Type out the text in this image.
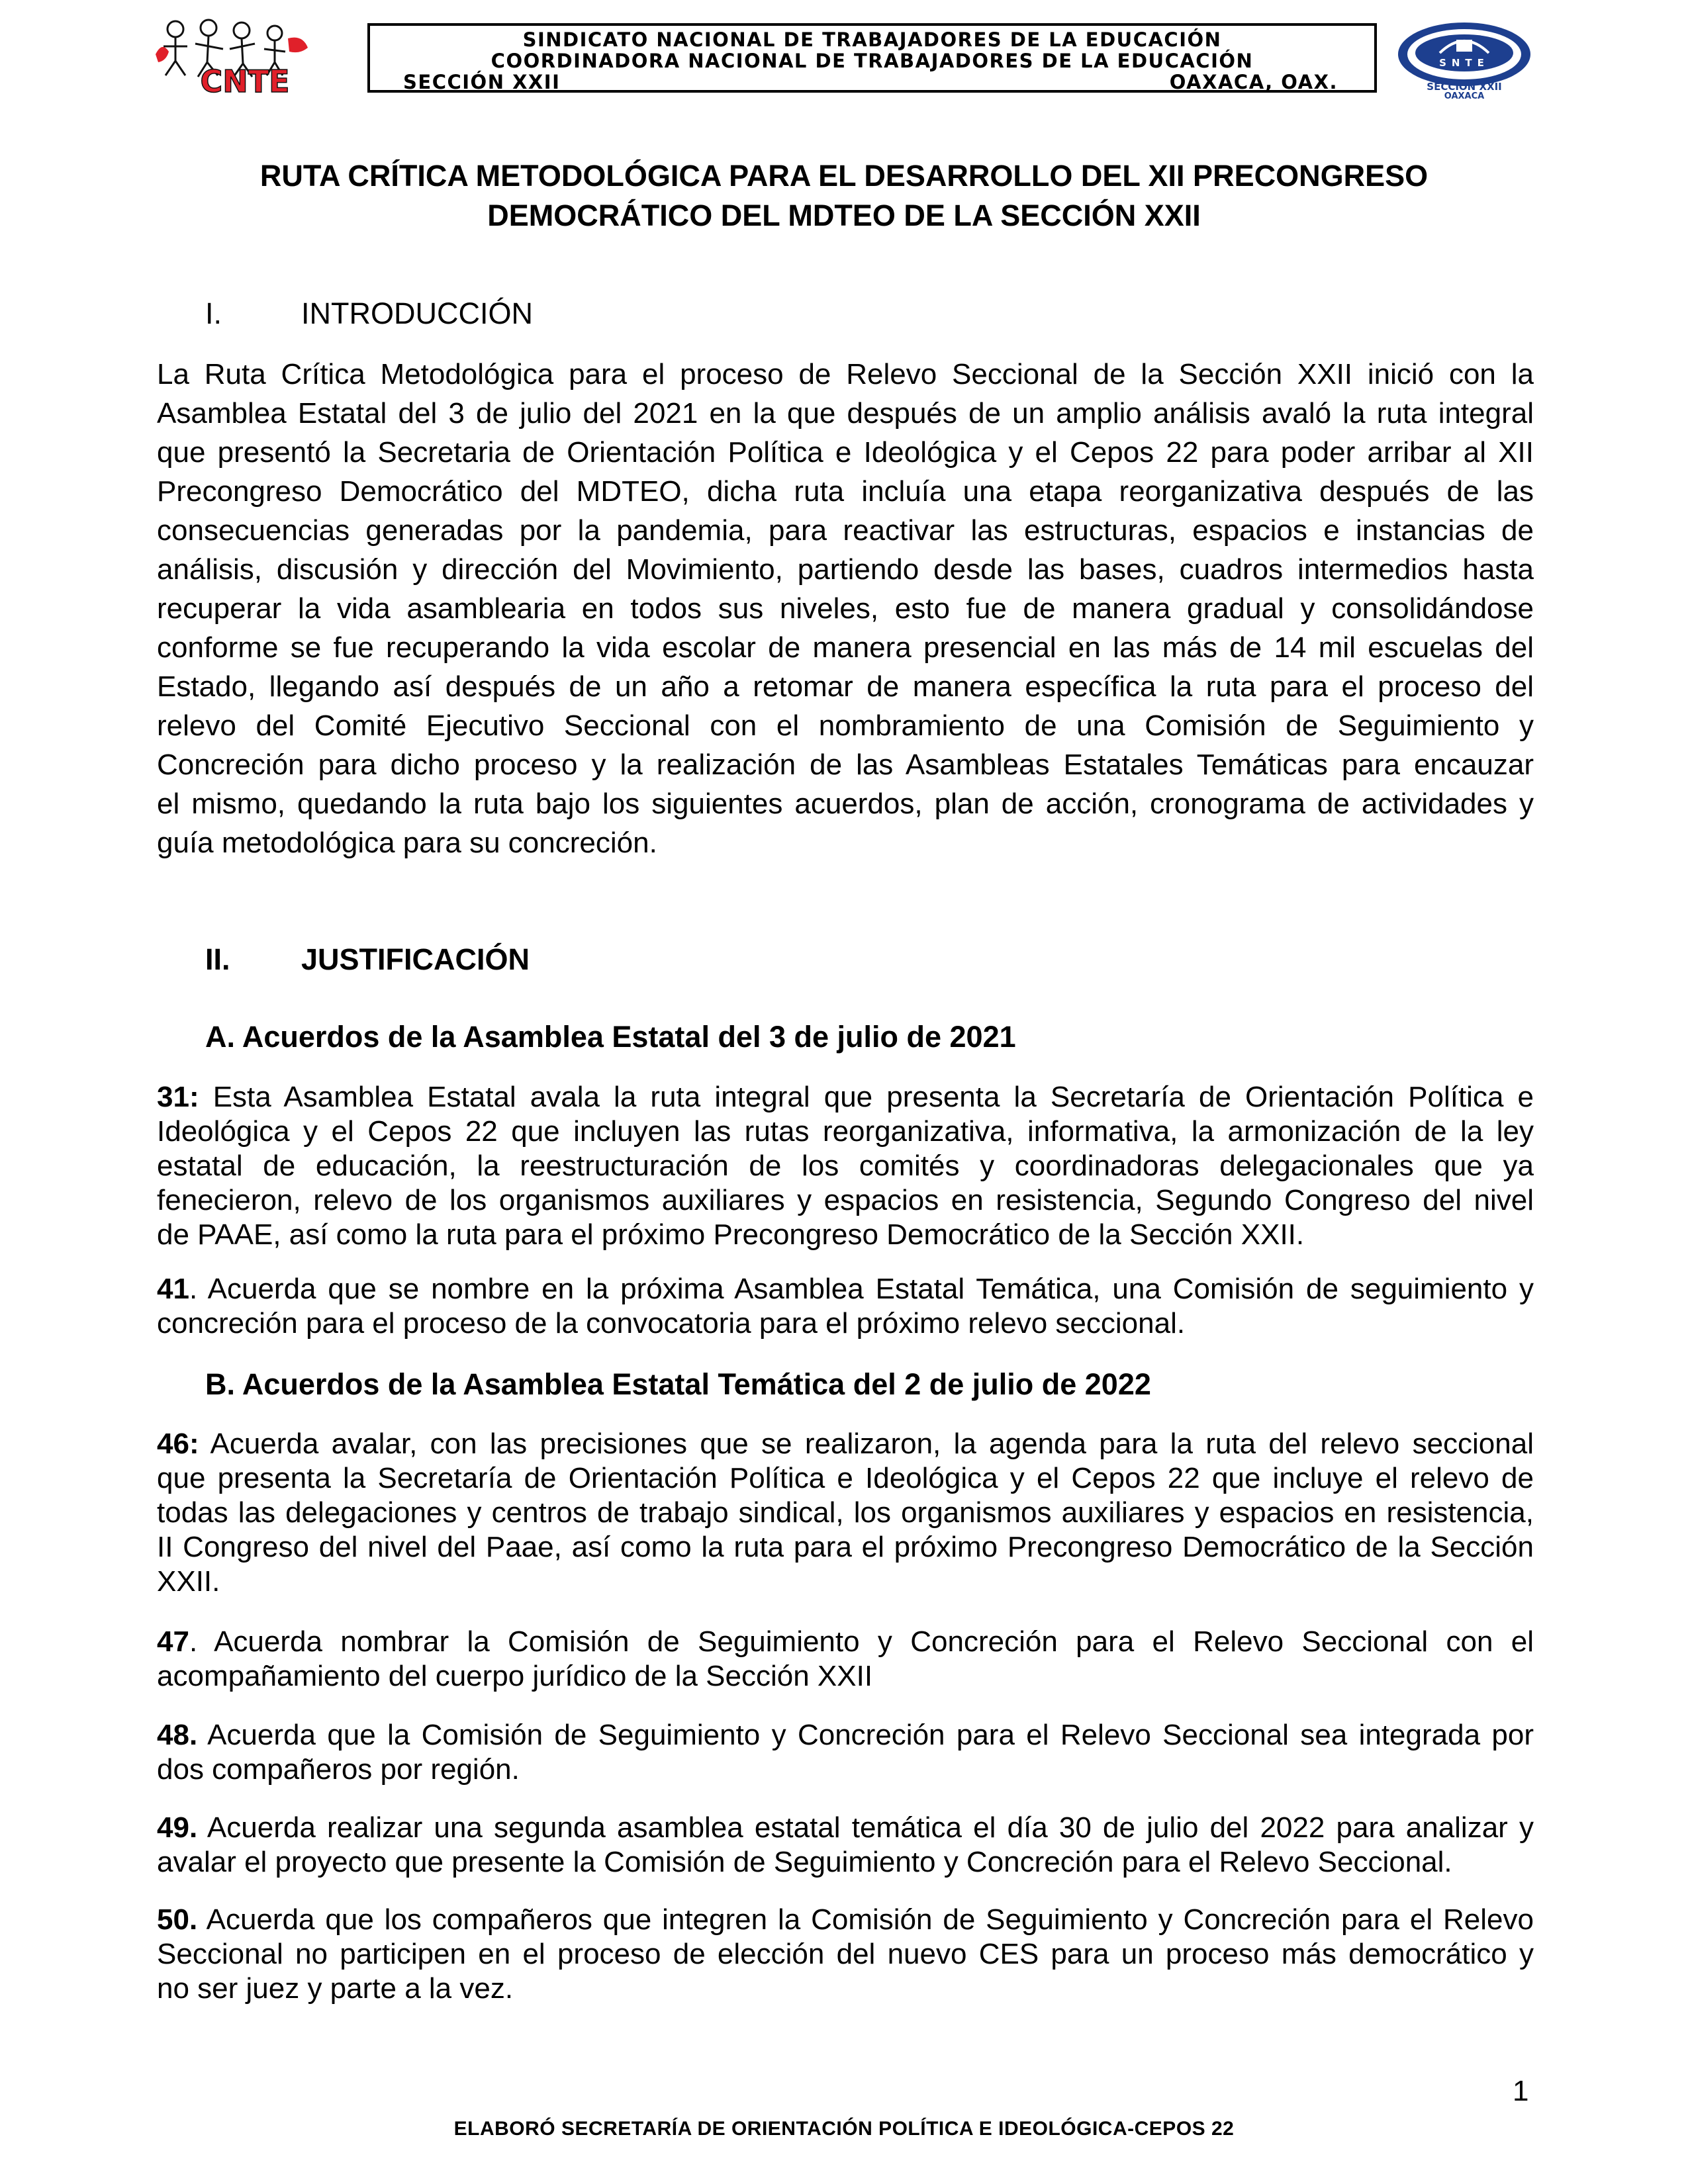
CNTE
SINDICATO NACIONAL DE TRABAJADORES DE LA EDUCACIÓN
COORDINADORA NACIONAL DE TRABAJADORES DE LA EDUCACIÓN
SECCIÓN XXII	OAXACA, OAX.
SNTE
SECCION XXII
OAXACA
RUTA CRÍTICA METODOLÓGICA PARA EL DESARROLLO DEL XII PRECONGRESO
DEMOCRÁTICO DEL MDTEO DE LA SECCIÓN XXII
I.	INTRODUCCIÓN
La Ruta Crítica Metodológica para el proceso de Relevo Seccional de la Sección XXII inició con la
Asamblea Estatal del 3 de julio del 2021 en la que después de un amplio análisis avaló la ruta integral
que presentó la Secretaria de Orientación Política e Ideológica y el Cepos 22 para poder arribar al XII
Precongreso Democrático del MDTEO, dicha ruta incluía una etapa reorganizativa después de las
consecuencias generadas por la pandemia, para reactivar las estructuras, espacios e instancias de
análisis, discusión y dirección del Movimiento, partiendo desde las bases, cuadros intermedios hasta
recuperar la vida asamblearia en todos sus niveles, esto fue de manera gradual y consolidándose
conforme se fue recuperando la vida escolar de manera presencial en las más de 14 mil escuelas del
Estado, llegando así después de un año a retomar de manera específica la ruta para el proceso del
relevo del Comité Ejecutivo Seccional con el nombramiento de una Comisión de Seguimiento y
Concreción para dicho proceso y la realización de las Asambleas Estatales Temáticas para encauzar
el mismo, quedando la ruta bajo los siguientes acuerdos, plan de acción, cronograma de actividades y
guía metodológica para su concreción.
II. JUSTIFICACIÓN
A. Acuerdos de la Asamblea Estatal del 3 de julio de 2021
31: Esta Asamblea Estatal avala la ruta integral que presenta la Secretaría de Orientación Política e
Ideológica y el Cepos 22 que incluyen las rutas reorganizativa, informativa, la armonización de la ley
estatal de educación, la reestructuración de los comités y coordinadoras delegacionales que ya
fenecieron, relevo de los organismos auxiliares y espacios en resistencia, Segundo Congreso del nivel
de PAAE, así como la ruta para el próximo Precongreso Democrático de la Sección XXII.
41. Acuerda que se nombre en la próxima Asamblea Estatal Temática, una Comisión de seguimiento y
concreción para el proceso de la convocatoria para el próximo relevo seccional.
B. Acuerdos de la Asamblea Estatal Temática del 2 de julio de 2022
46: Acuerda avalar, con las precisiones que se realizaron, la agenda para la ruta del relevo seccional
que presenta la Secretaría de Orientación Política e Ideológica y el Cepos 22 que incluye el relevo de
todas las delegaciones y centros de trabajo sindical, los organismos auxiliares y espacios en resistencia,
II Congreso del nivel del Paae, así como la ruta para el próximo Precongreso Democrático de la Sección
XXII.
47. Acuerda nombrar la Comisión de Seguimiento y Concreción para el Relevo Seccional con el
acompañamiento del cuerpo jurídico de la Sección XXII
48. Acuerda que la Comisión de Seguimiento y Concreción para el Relevo Seccional sea integrada por
dos compañeros por región.
49. Acuerda realizar una segunda asamblea estatal temática el día 30 de julio del 2022 para analizar y
avalar el proyecto que presente la Comisión de Seguimiento y Concreción para el Relevo Seccional.
50. Acuerda que los compañeros que integren la Comisión de Seguimiento y Concreción para el Relevo
Seccional no participen en el proceso de elección del nuevo CES para un proceso más democrático y
no ser juez y parte a la vez.
1
ELABORÓ SECRETARÍA DE ORIENTACIÓN POLÍTICA E IDEOLÓGICA-CEPOS 22
